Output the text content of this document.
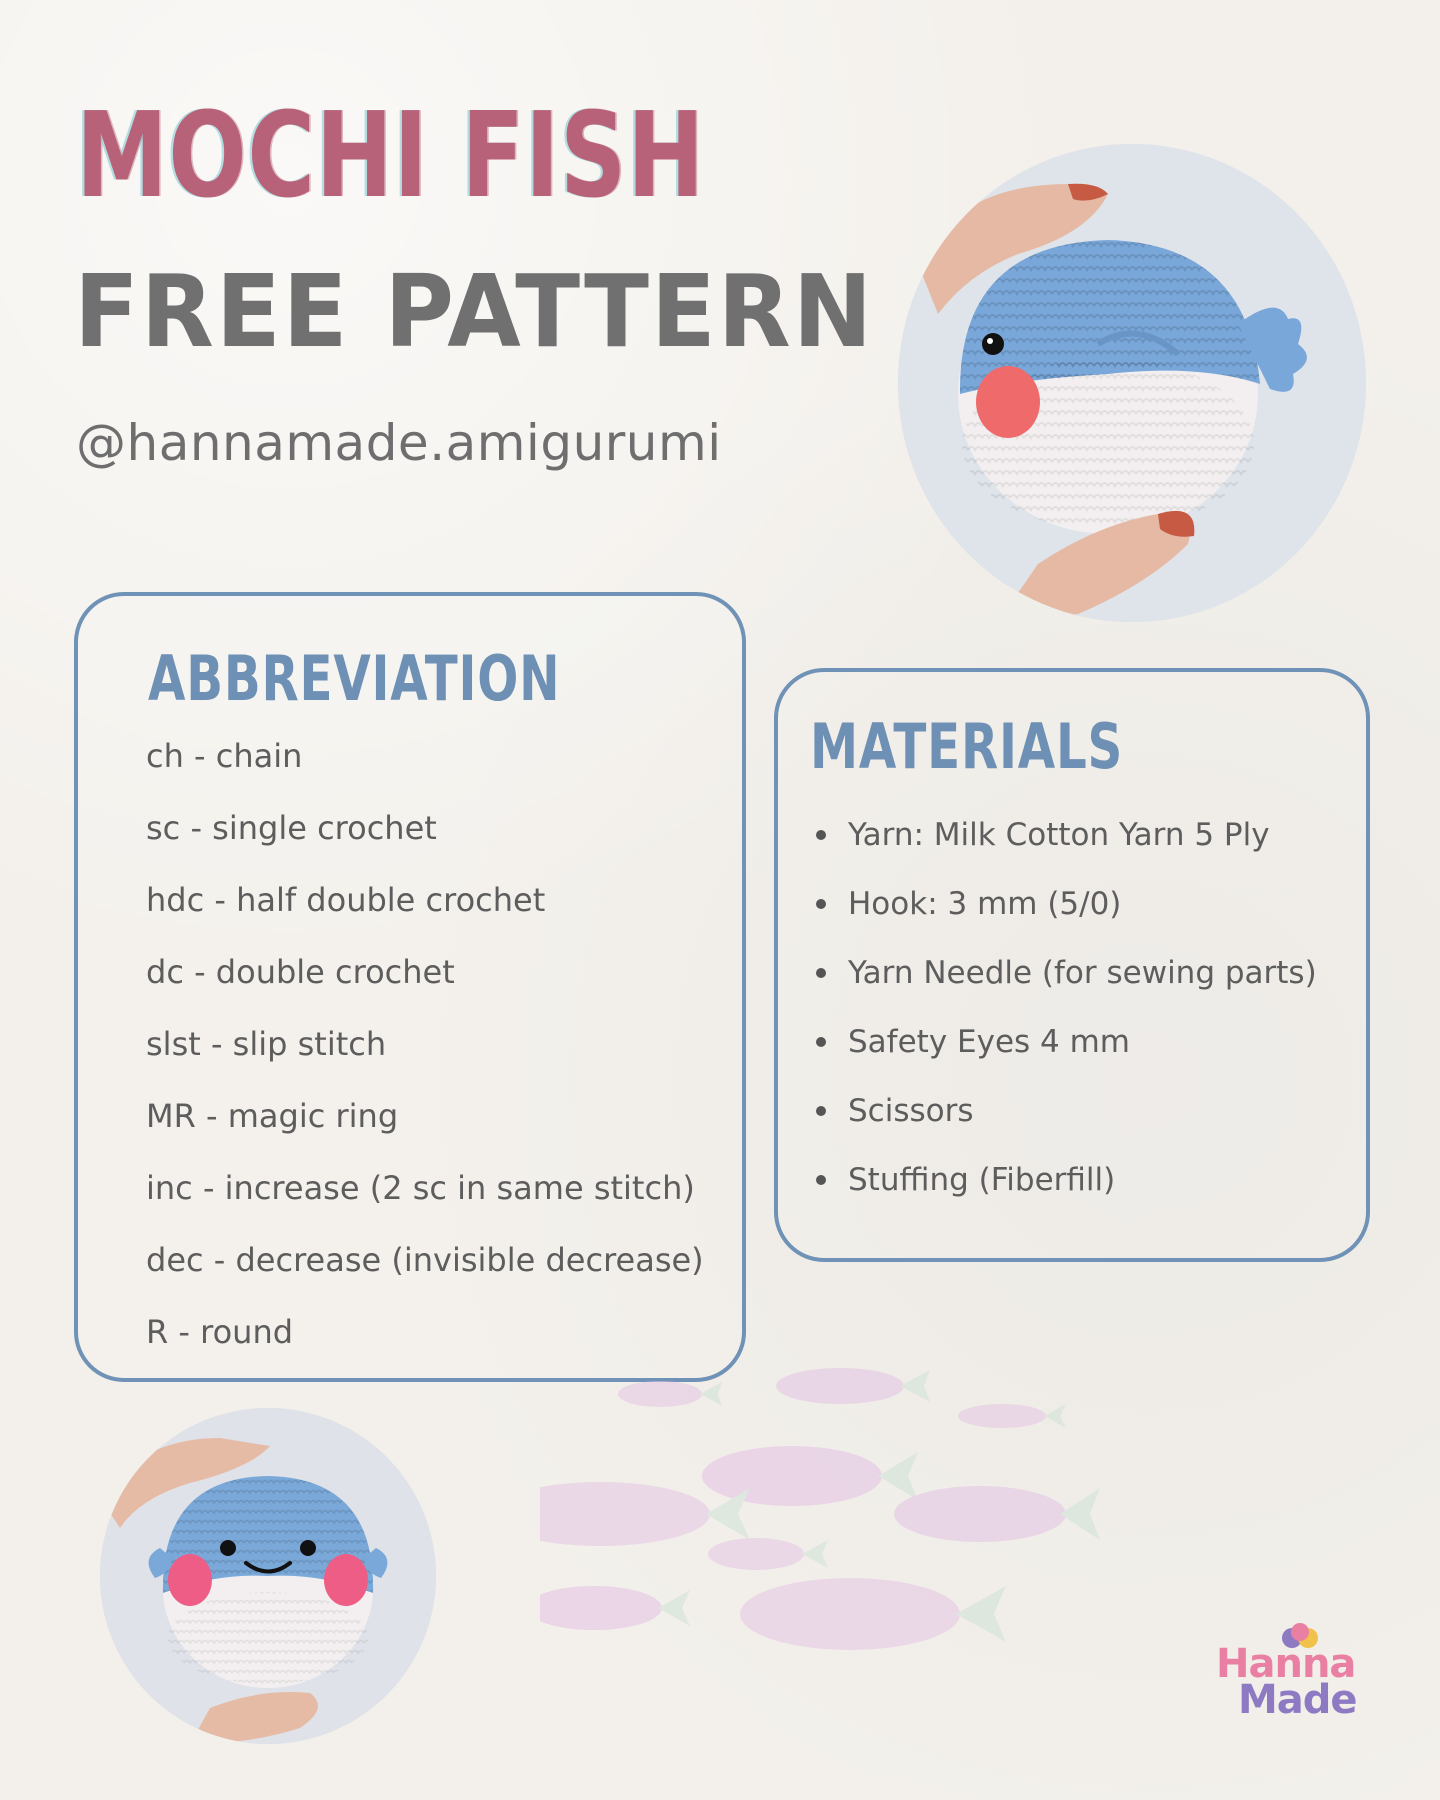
MOCHI FISH
FREE PATTERN
@hannamade.amigurumi
ABBREVIATION
ch - chain
sc - single crochet
hdc - half double crochet
dc - double crochet
slst - slip stitch
MR - magic ring
inc - increase (2 sc in same stitch)
dec - decrease (invisible decrease)
R - round
MATERIALS
Yarn: Milk Cotton Yarn 5 Ply
Hook: 3 mm (5/0)
Yarn Needle (for sewing parts)
Safety Eyes 4 mm
Scissors
Stuffing (Fiberfill)
Hanna
Made
